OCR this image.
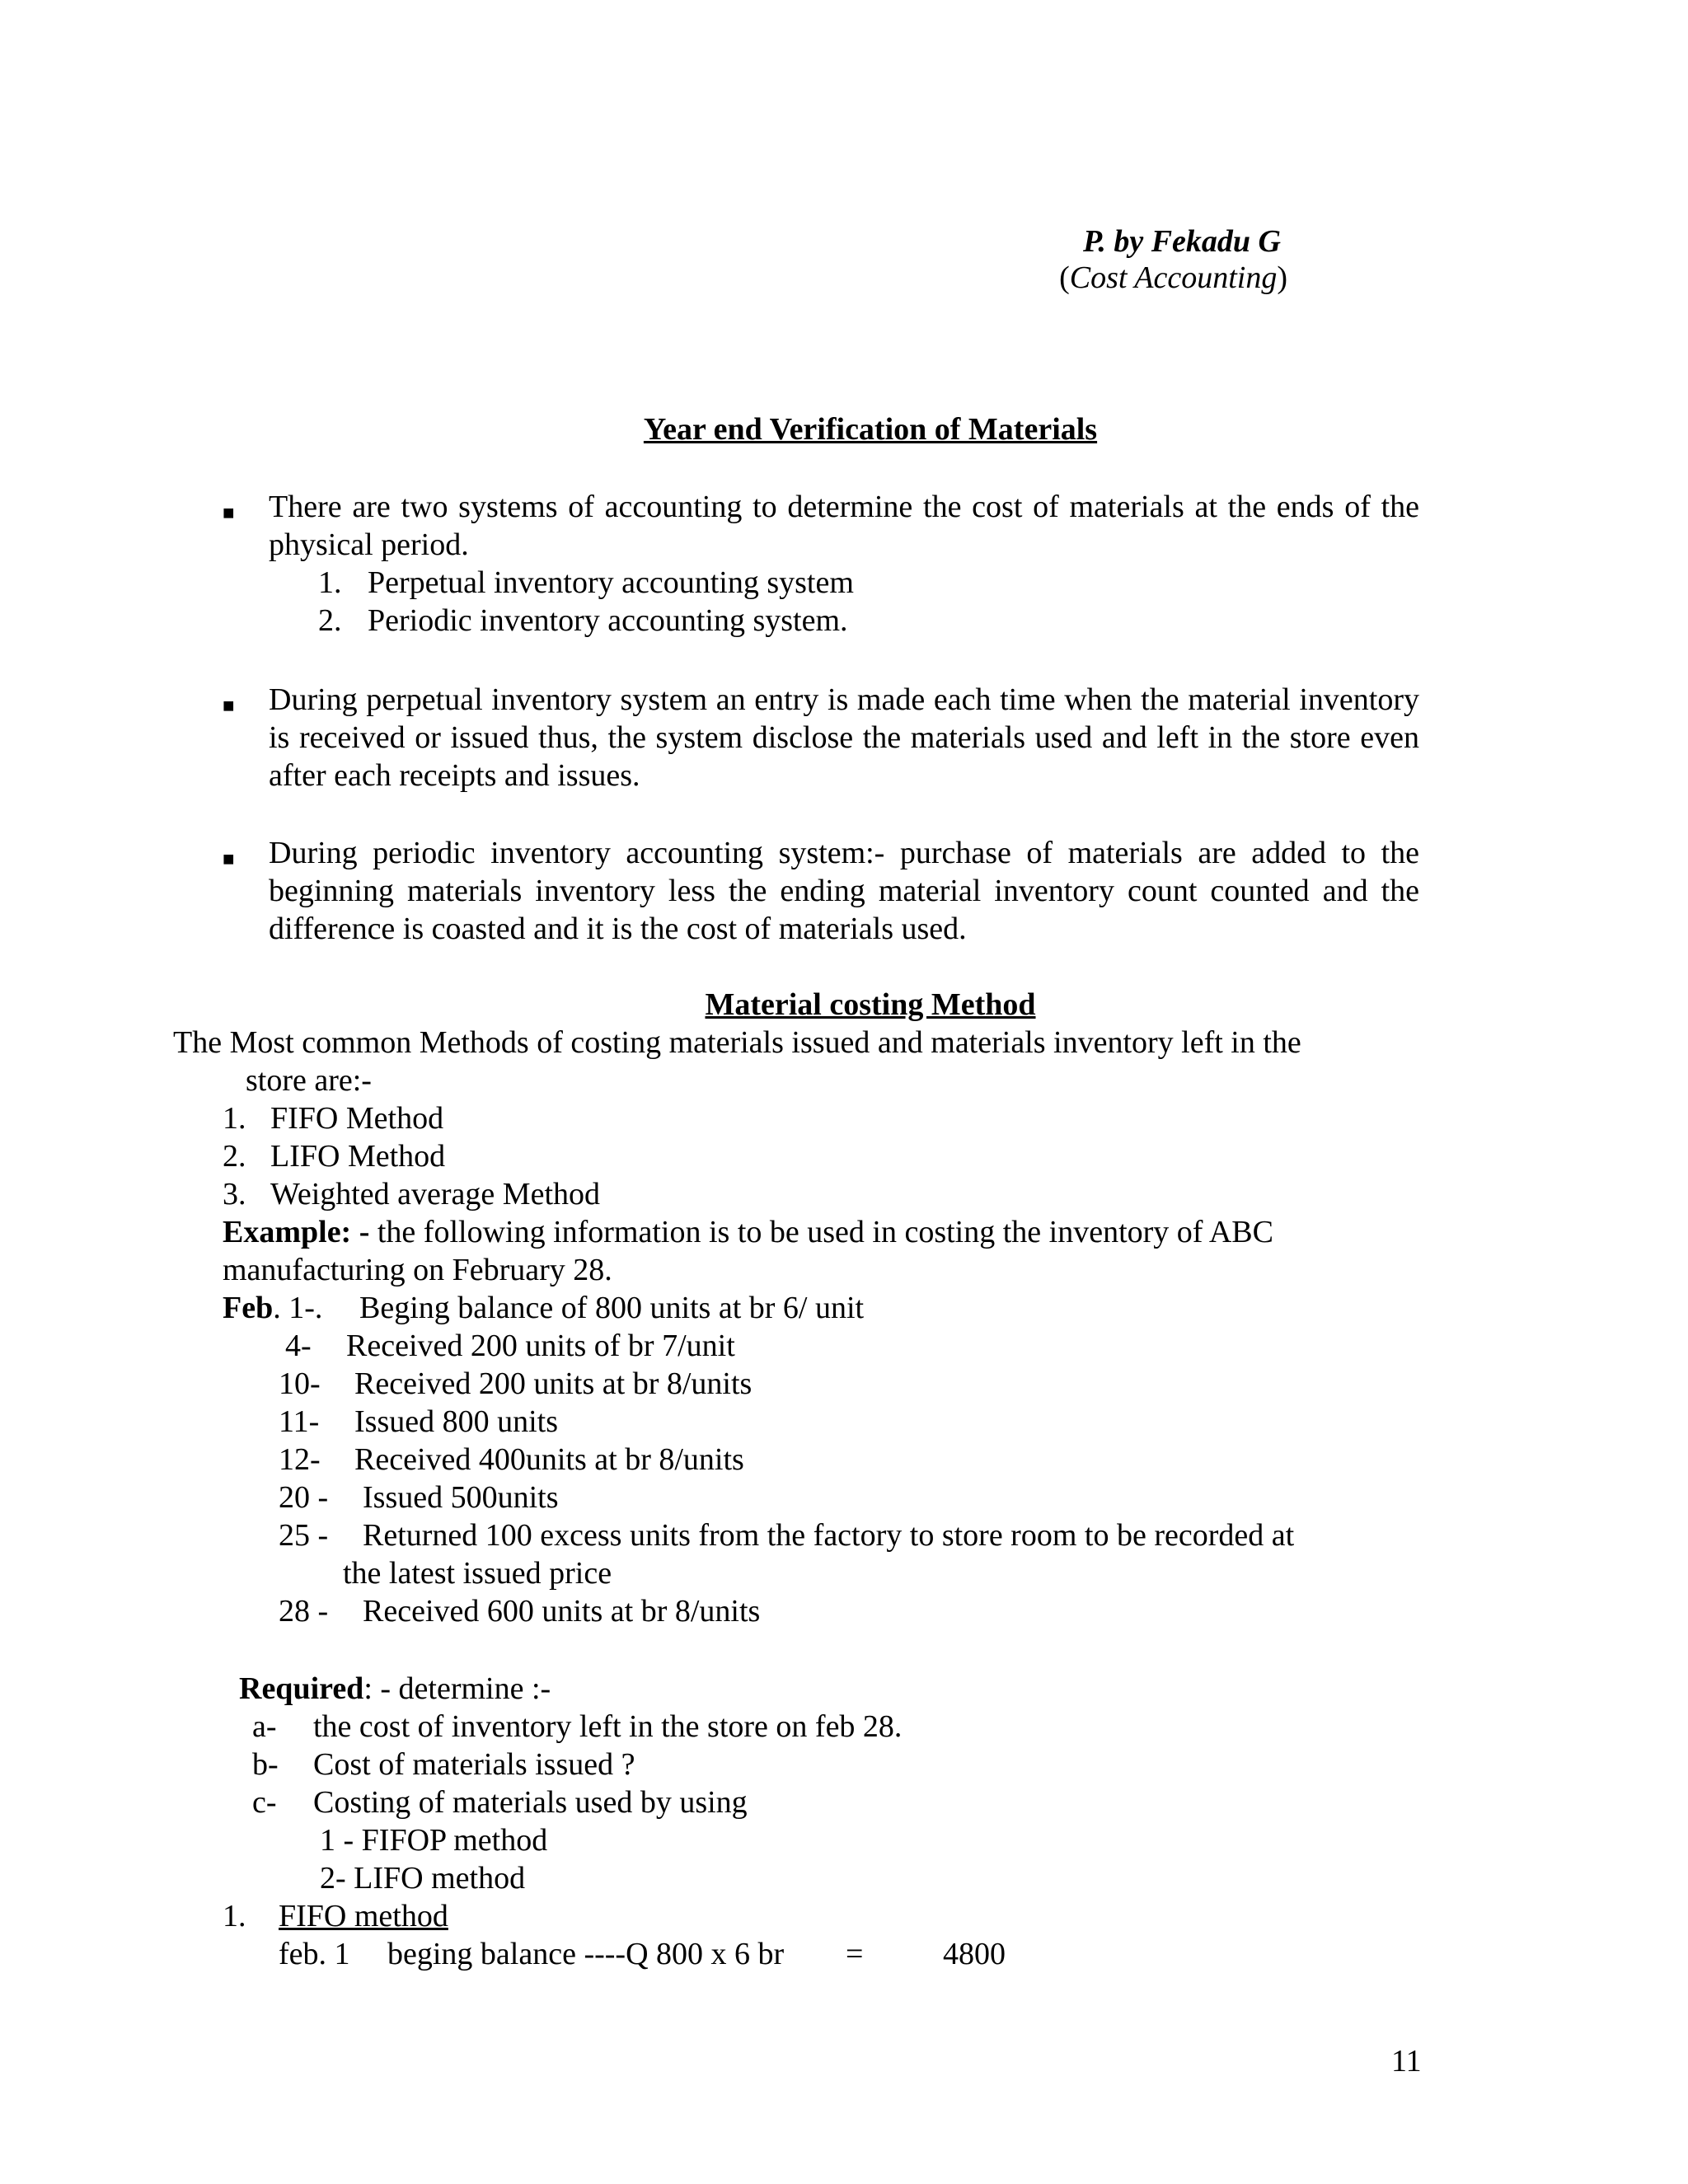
P. by Fekadu G
(Cost Accounting)
Year end Verification of Materials
■ There are two systems of accounting to determine the cost of materials at the ends of the physical period.
1. Perpetual inventory accounting system
2. Periodic inventory accounting system.
■ During perpetual inventory system an entry is made each time when the material inventory is received or issued thus, the system disclose the materials used and left in the store even after each receipts and issues.
■ During periodic inventory accounting system:- purchase of materials are added to the beginning materials inventory less the ending material inventory count counted and the difference is coasted and it is the cost of materials used.
Material costing Method
The Most common Methods of costing materials issued and materials inventory left in the
store are:-
1. FIFO Method
2. LIFO Method
3. Weighted average Method
Example: - the following information is to be used in costing the inventory of ABC
manufacturing on February 28.
Feb. 1-. Beging balance of 800 units at br 6/ unit
4- Received 200 units of br 7/unit
10- Received 200 units at br 8/units
11- Issued 800 units
12- Received 400units at br 8/units
20 - Issued 500units
25 - Returned 100 excess units from the factory to store room to be recorded at
the latest issued price
28 - Received 600 units at br 8/units
Required: - determine :-
a- the cost of inventory left in the store on feb 28.
b- Cost of materials issued ?
c- Costing of materials used by using
1 - FIFOP method
2- LIFO method
1. FIFO method
feb. 1 beging balance ----Q 800 x 6 br =	4800
11
